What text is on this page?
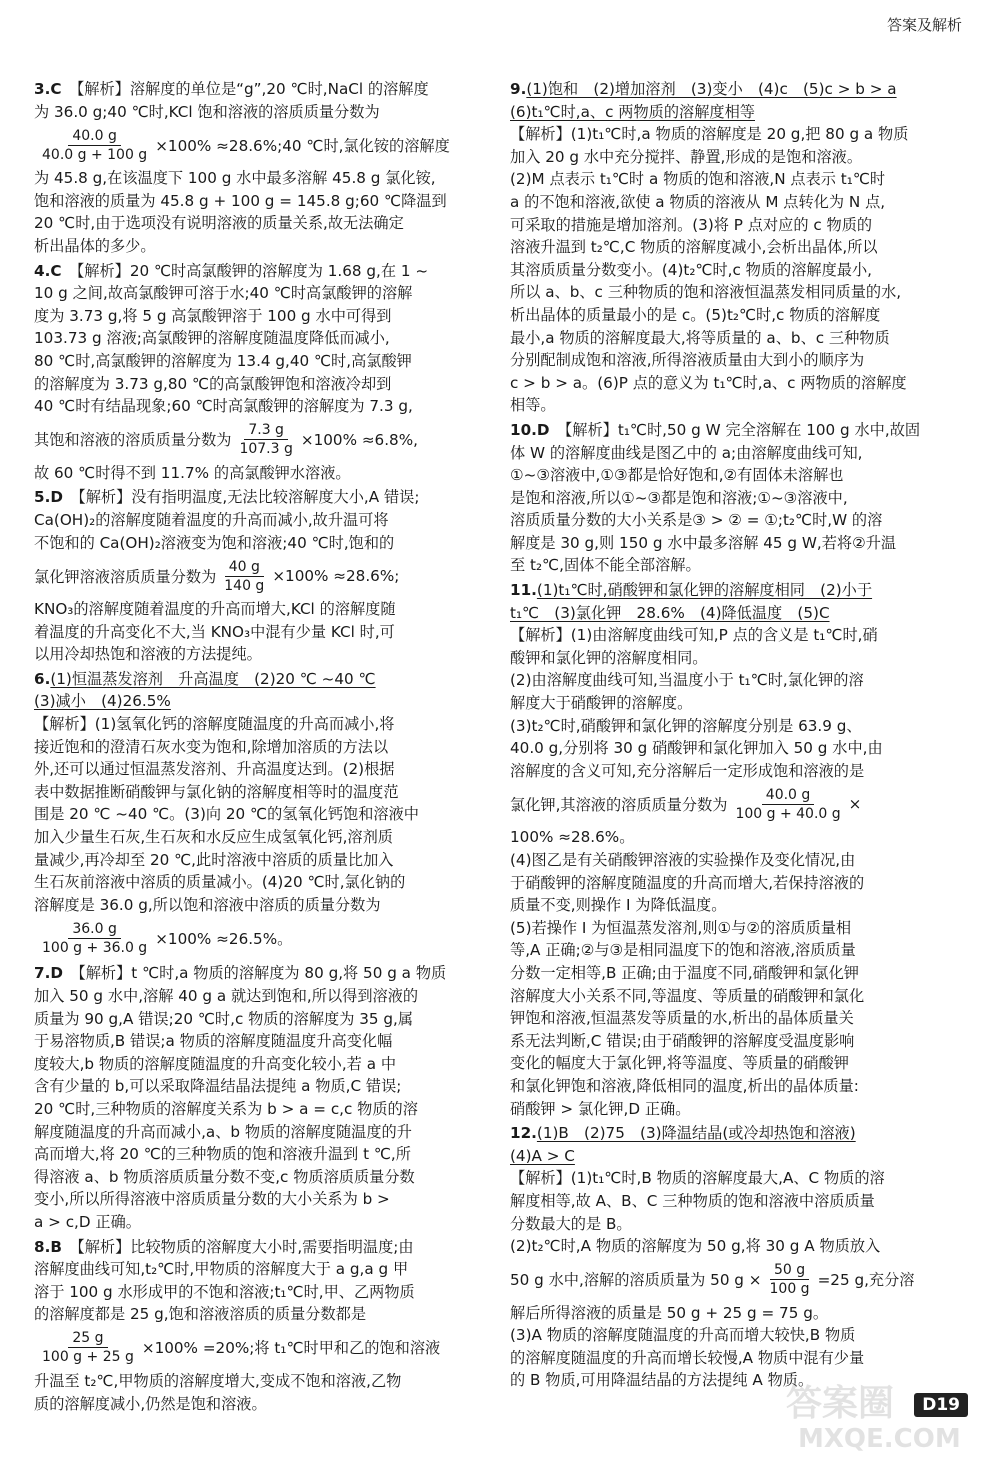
答案及解析
3.C  【解析】溶解度的单位是“g”,20 ℃时,NaCl 的溶解度
为 36.0 g;40 ℃时,KCl 饱和溶液的溶质质量分数为
$\frac{40.0 g}{40.0 g + 100 g} \times 100\%$ ≈28.6%;40 ℃时,氯化铵的溶解度
为 45.8 g,在该温度下 100 g 水中最多溶解 45.8 g 氯化铵,
饱和溶液的质量为 45.8 g + 100 g = 145.8 g;60 ℃降温到
20 ℃时,由于选项没有说明溶液的质量关系,故无法确定
析出晶体的多少。
4.C  【解析】20 ℃时高氯酸钾的溶解度为 1.68 g,在 1 ~
10 g 之间,故高氯酸钾可溶于水;40 ℃时高氯酸钾的溶解
度为 3.73 g,将 5 g 高氯酸钾溶于 100 g 水中可得到
103.73 g 溶液;高氯酸钾的溶解度随温度降低而减小,
80 ℃时,高氯酸钾的溶解度为 13.4 g,40 ℃时,高氯酸钾
的溶解度为 3.73 g,80 ℃的高氯酸钾饱和溶液冷却到
40 ℃时有结晶现象;60 ℃时高氯酸钾的溶解度为 7.3 g,
其饱和溶液的溶质质量分数为 $\frac{7.3 g}{107.3 g} \times 100\% \approx 6.8\%$,
故 60 ℃时得不到 11.7% 的高氯酸钾水溶液。
5.D  【解析】没有指明温度,无法比较溶解度大小,A 错误;
Ca(OH)₂的溶解度随着温度的升高而减小,故升温可将
不饱和的 Ca(OH)₂溶液变为饱和溶液;40 ℃时,饱和的
氯化钾溶液溶质质量分数为 $\frac{40 g}{140 g} \times 100\% \approx 28.6\%$;
KNO₃的溶解度随着温度的升高而增大,KCl 的溶解度随
着温度的升高变化不大,当 KNO₃中混有少量 KCl 时,可
以用冷却热饱和溶液的方法提纯。
6.(1)恒温蒸发溶剂　升高温度　(2)20 ℃ ~40 ℃
(3)减小　(4)26.5%
【解析】(1)氢氧化钙的溶解度随温度的升高而减小,将
接近饱和的澄清石灰水变为饱和,除增加溶质的方法以
外,还可以通过恒温蒸发溶剂、升高温度达到。(2)根据
表中数据推断硝酸钾与氯化钠的溶解度相等时的温度范
围是 20 ℃ ~40 ℃。(3)向 20 ℃的氢氧化钙饱和溶液中
加入少量生石灰,生石灰和水反应生成氢氧化钙,溶剂质
量减少,再冷却至 20 ℃,此时溶液中溶质的质量比加入
生石灰前溶液中溶质的质量减小。(4)20 ℃时,氯化钠的
溶解度是 36.0 g,所以饱和溶液中溶质的质量分数为
$\frac{36.0 g}{100 g + 36.0 g} \times 100\% \approx 26.5\%$。
7.D  【解析】t ℃时,a 物质的溶解度为 80 g,将 50 g a 物质
加入 50 g 水中,溶解 40 g a 就达到饱和,所以得到溶液的
质量为 90 g,A 错误;20 ℃时,c 物质的溶解度为 35 g,属
于易溶物质,B 错误;a 物质的溶解度随温度升高变化幅
度较大,b 物质的溶解度随温度的升高变化较小,若 a 中
含有少量的 b,可以采取降温结晶法提纯 a 物质,C 错误;
20 ℃时,三种物质的溶解度关系为 b > a = c,c 物质的溶
解度随温度的升高而减小,a、b 物质的溶解度随温度的升
高而增大,将 20 ℃的三种物质的饱和溶液升温到 t ℃,所
得溶液 a、b 物质溶质质量分数不变,c 物质溶质质量分数
变小,所以所得溶液中溶质质量分数的大小关系为 b >
a > c,D 正确。
8.B  【解析】比较物质的溶解度大小时,需要指明温度;由
溶解度曲线可知,t₂℃时,甲物质的溶解度大于 a g,a g 甲
溶于 100 g 水形成甲的不饱和溶液;t₁℃时,甲、乙两物质
的溶解度都是 25 g,饱和溶液溶质的质量分数都是
$\frac{25 g}{100 g + 25 g} \times 100\% =20\%$;将 t₁℃时甲和乙的饱和溶液
升温至 t₂℃,甲物质的溶解度增大,变成不饱和溶液,乙物
质的溶解度减小,仍然是饱和溶液。
9.(1)饱和　(2)增加溶剂　(3)变小　(4)c　(5)c > b > a
(6)t₁℃时,a、c 两物质的溶解度相等
【解析】(1)t₁℃时,a 物质的溶解度是 20 g,把 80 g a 物质
加入 20 g 水中充分搅拌、静置,形成的是饱和溶液。
(2)M 点表示 t₁℃时 a 物质的饱和溶液,N 点表示 t₁℃时
a 的不饱和溶液,欲使 a 物质的溶液从 M 点转化为 N 点,
可采取的措施是增加溶剂。(3)将 P 点对应的 c 物质的
溶液升温到 t₂℃,C 物质的溶解度减小,会析出晶体,所以
其溶质质量分数变小。(4)t₂℃时,c 物质的溶解度最小,
所以 a、b、c 三种物质的饱和溶液恒温蒸发相同质量的水,
析出晶体的质量最小的是 c。(5)t₂℃时,c 物质的溶解度
最小,a 物质的溶解度最大,将等质量的 a、b、c 三种物质
分别配制成饱和溶液,所得溶液质量由大到小的顺序为
c > b > a。(6)P 点的意义为 t₁℃时,a、c 两物质的溶解度
相等。
10.D  【解析】t₁℃时,50 g W 完全溶解在 100 g 水中,故固
体 W 的溶解度曲线是图乙中的 a;由溶解度曲线可知,
①~③溶液中,①③都是恰好饱和,②有固体未溶解也
是饱和溶液,所以①~③都是饱和溶液;①~③溶液中,
溶质质量分数的大小关系是③ > ② = ①;t₂℃时,W 的溶
解度是 30 g,则 150 g 水中最多溶解 45 g W,若将②升温
至 t₂℃,固体不能全部溶解。
11.(1)t₁℃时,硝酸钾和氯化钾的溶解度相同　(2)小于
t₁℃　(3)氯化钾　28.6%　(4)降低温度　(5)C
【解析】(1)由溶解度曲线可知,P 点的含义是 t₁℃时,硝
酸钾和氯化钾的溶解度相同。
(2)由溶解度曲线可知,当温度小于 t₁℃时,氯化钾的溶
解度大于硝酸钾的溶解度。
(3)t₂℃时,硝酸钾和氯化钾的溶解度分别是 63.9 g、
40.0 g,分别将 30 g 硝酸钾和氯化钾加入 50 g 水中,由
溶解度的含义可知,充分溶解后一定形成饱和溶液的是
氯化钾,其溶液的溶质质量分数为 $\frac{40.0 g}{100 g + 40.0 g}$ ×
100% ≈28.6%。
(4)图乙是有关硝酸钾溶液的实验操作及变化情况,由
于硝酸钾的溶解度随温度的升高而增大,若保持溶液的
质量不变,则操作 I 为降低温度。
(5)若操作 I 为恒温蒸发溶剂,则①与②的溶质质量相
等,A 正确;②与③是相同温度下的饱和溶液,溶质质量
分数一定相等,B 正确;由于温度不同,硝酸钾和氯化钾
溶解度大小关系不同,等温度、等质量的硝酸钾和氯化
钾饱和溶液,恒温蒸发等质量的水,析出的晶体质量关
系无法判断,C 错误;由于硝酸钾的溶解度受温度影响
变化的幅度大于氯化钾,将等温度、等质量的硝酸钾
和氯化钾饱和溶液,降低相同的温度,析出的晶体质量:
硝酸钾 > 氯化钾,D 正确。
12.(1)B　(2)75　(3)降温结晶(或冷却热饱和溶液)
(4)A > C
【解析】(1)t₁℃时,B 物质的溶解度最大,A、C 物质的溶
解度相等,故 A、B、C 三种物质的饱和溶液中溶质质量
分数最大的是 B。
(2)t₂℃时,A 物质的溶解度为 50 g,将 30 g A 物质放入
50 g 水中,溶解的溶质质量为 50 $g \times \frac{50 g}{100 g} =25$ g,充分溶
解后所得溶液的质量是 50 g + 25 g = 75 g。
(3)A 物质的溶解度随温度的升高而增大较快,B 物质
的溶解度随温度的升高而增长较慢,A 物质中混有少量
的 B 物质,可用降温结晶的方法提纯 A 物质。
D19
答案圈
MXQE.COM
